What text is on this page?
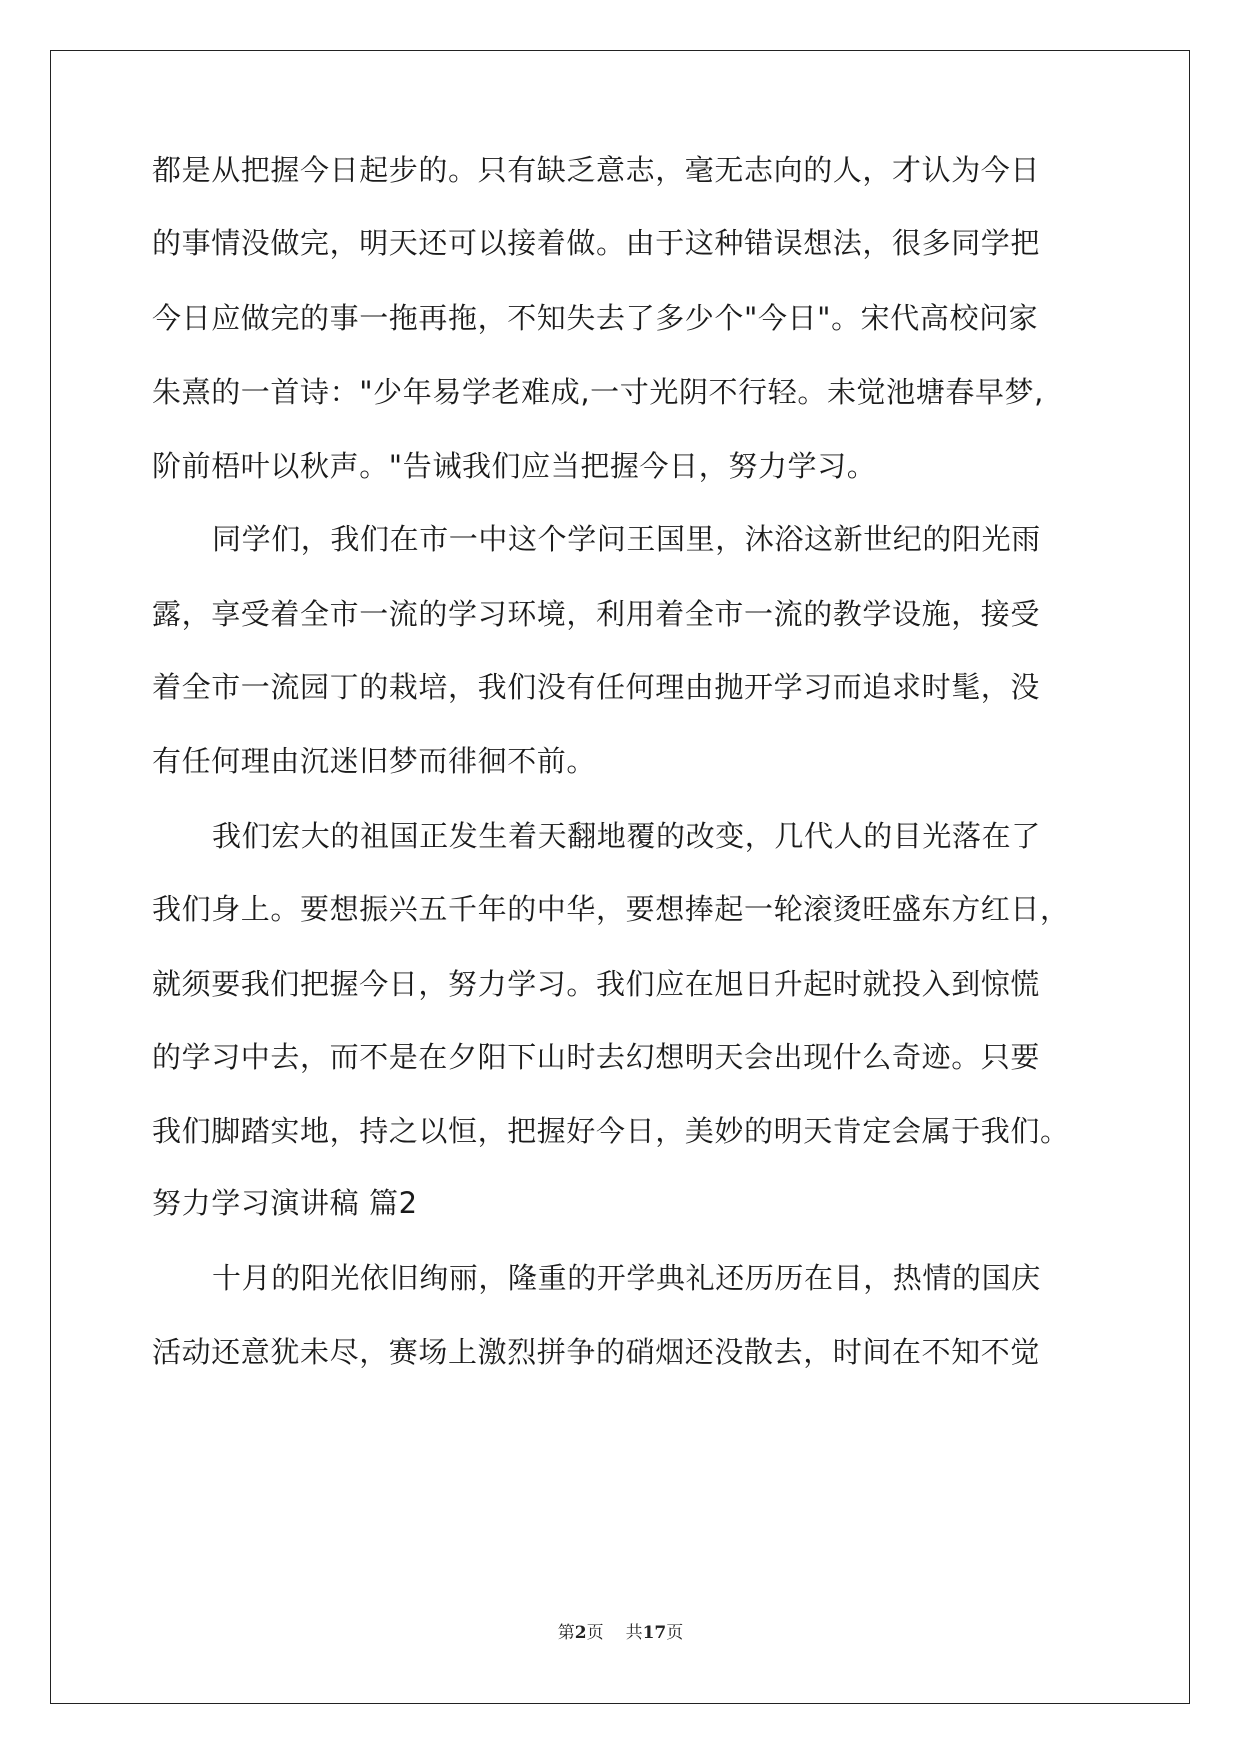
都是从把握今日起步的。只有缺乏意志，毫无志向的人，才认为今日

的事情没做完，明天还可以接着做。由于这种错误想法，很多同学把

今日应做完的事一拖再拖，不知失去了多少个"今日"。宋代高校问家

朱熹的一首诗："少年易学老难成,一寸光阴不行轻。未觉池塘春早梦,

阶前梧叶以秋声。"告诫我们应当把握今日，努力学习。

同学们，我们在市一中这个学问王国里，沐浴这新世纪的阳光雨

露，享受着全市一流的学习环境，利用着全市一流的教学设施，接受

着全市一流园丁的栽培，我们没有任何理由抛开学习而追求时髦，没

有任何理由沉迷旧梦而徘徊不前。

我们宏大的祖国正发生着天翻地覆的改变，几代人的目光落在了

我们身上。要想振兴五千年的中华，要想捧起一轮滚烫旺盛东方红日，

就须要我们把握今日，努力学习。我们应在旭日升起时就投入到惊慌

的学习中去，而不是在夕阳下山时去幻想明天会出现什么奇迹。只要

我们脚踏实地，持之以恒，把握好今日，美妙的明天肯定会属于我们。

努力学习演讲稿 篇2

十月的阳光依旧绚丽，隆重的开学典礼还历历在目，热情的国庆

活动还意犹未尽，赛场上激烈拼争的硝烟还没散去，时间在不知不觉

第2页 共17页
